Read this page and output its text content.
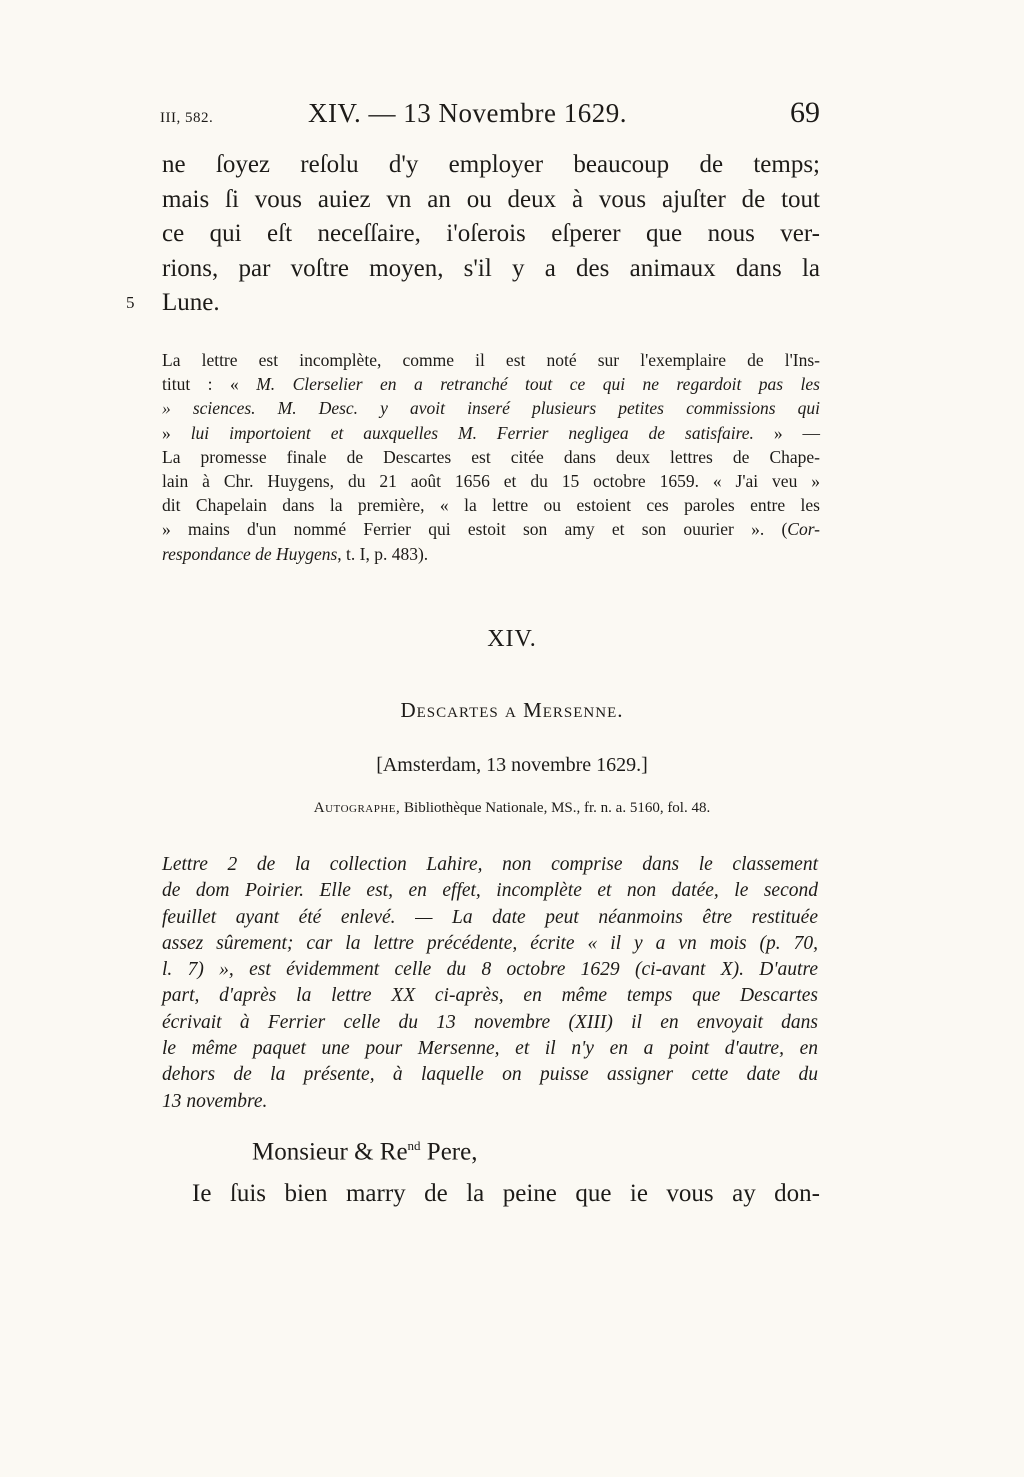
III, 582.	XIV. — 13 Novembre 1629.	69
ne ſoyez reſolu d'y employer beaucoup de temps;
mais ſi vous auiez vn an ou deux à vous ajuſter de tout
ce qui eſt neceſſaire, i'oſerois eſperer que nous ver-
rions, par voſtre moyen, s'il y a des animaux dans la
Lune.
5
La lettre est incomplète, comme il est noté sur l'exemplaire de l'Ins-
titut : « M. Clerselier en a retranché tout ce qui ne regardoit pas les
» sciences. M. Desc. y avoit inseré plusieurs petites commissions qui
» lui importoient et auxquelles M. Ferrier negligea de satisfaire. » —
La promesse finale de Descartes est citée dans deux lettres de Chape-
lain à Chr. Huygens, du 21 août 1656 et du 15 octobre 1659. « J'ai veu »
dit Chapelain dans la première, « la lettre ou estoient ces paroles entre les
» mains d'un nommé Ferrier qui estoit son amy et son ouurier ». (Cor-
respondance de Huygens, t. I, p. 483).
XIV.
Descartes a Mersenne.
[Amsterdam, 13 novembre 1629.]
Autographe, Bibliothèque Nationale, MS., fr. n. a. 5160, fol. 48.
Lettre 2 de la collection Lahire, non comprise dans le classement
de dom Poirier. Elle est, en effet, incomplète et non datée, le second
feuillet ayant été enlevé. — La date peut néanmoins être restituée
assez sûrement; car la lettre précédente, écrite « il y a vn mois (p. 70,
l. 7) », est évidemment celle du 8 octobre 1629 (ci-avant X). D'autre
part, d'après la lettre XX ci-après, en même temps que Descartes
écrivait à Ferrier celle du 13 novembre (XIII) il en envoyait dans
le même paquet une pour Mersenne, et il n'y en a point d'autre, en
dehors de la présente, à laquelle on puisse assigner cette date du
13 novembre.
Monsieur & $Re^{nd}$ Pere,
Ie ſuis bien marry de la peine que ie vous ay don-
